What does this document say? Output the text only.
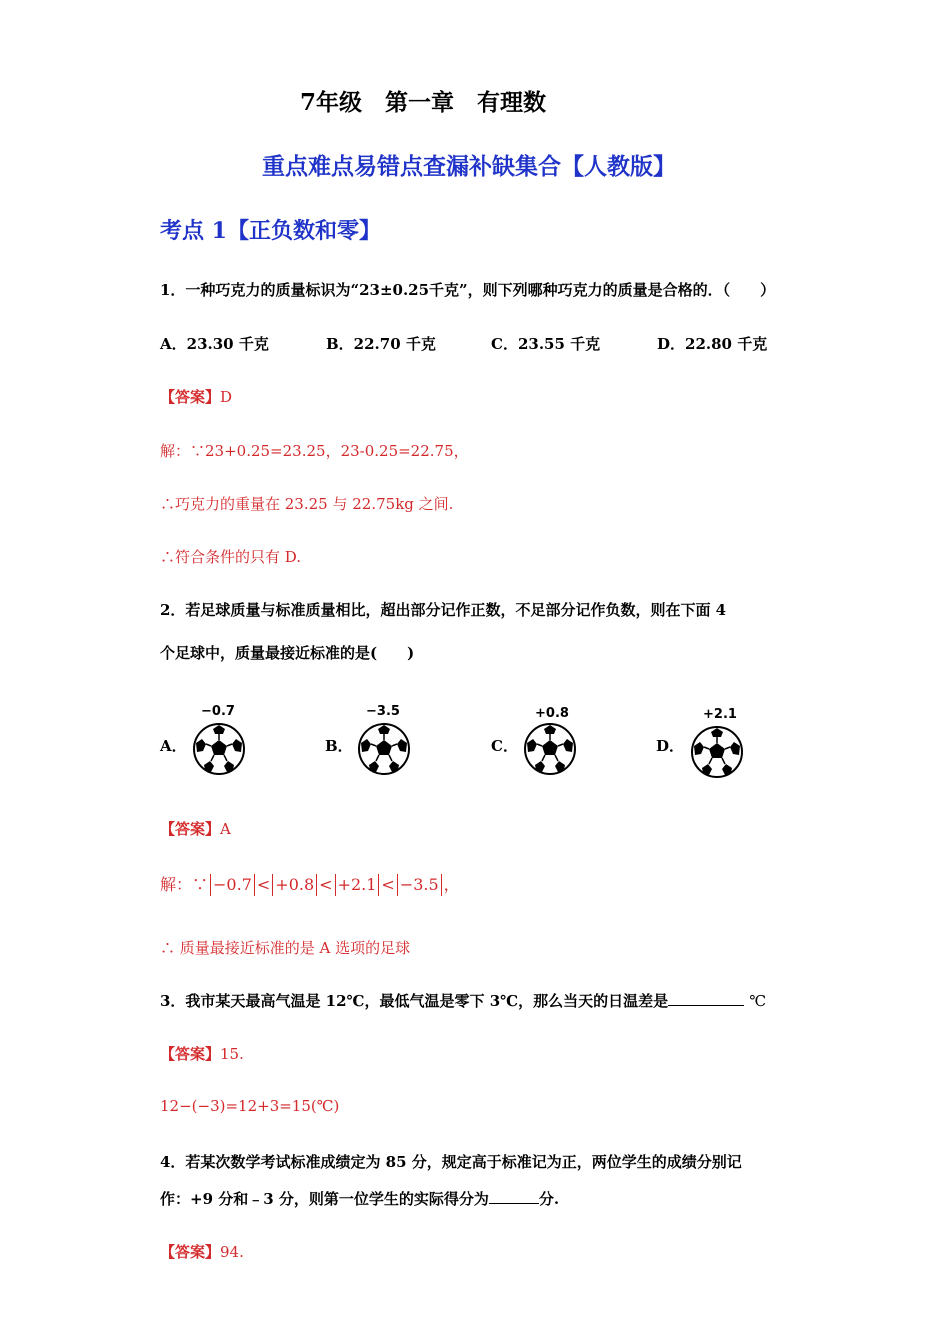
7年级　第一章　有理数
重点难点易错点查漏补缺集合【人教版】
考点 1【正负数和零】
1．一种巧克力的质量标识为“23±0.25千克”，则下列哪种巧克力的质量是合格的．（　　）
A．23.30 千克	B．22.70 千克	C．23.55 千克	D．22.80 千克
【答案】D
解：∵23+0.25=23.25，23-0.25=22.75，
∴巧克力的重量在 23.25 与 22.75kg 之间.
∴符合条件的只有 D.
2．若足球质量与标准质量相比，超出部分记作正数，不足部分记作负数，则在下面 4
个足球中，质量最接近标准的是(　　)
A．
−0.7
B．
−3.5
C．
+0.8
D．
+2.1
【答案】A
解：∵ −0.7 < +0.8 < +2.1 < −3.5 ，
∴ 质量最接近标准的是 A 选项的足球
3．我市某天最高气温是 12℃，最低气温是零下 3℃，那么当天的日温差是	℃
【答案】15.
12−(−3)=12+3=15(℃)
4．若某次数学考试标准成绩定为 85 分，规定高于标准记为正，两位学生的成绩分别记
作：+9 分和﹣3 分，则第一位学生的实际得分为	分.
【答案】94.
